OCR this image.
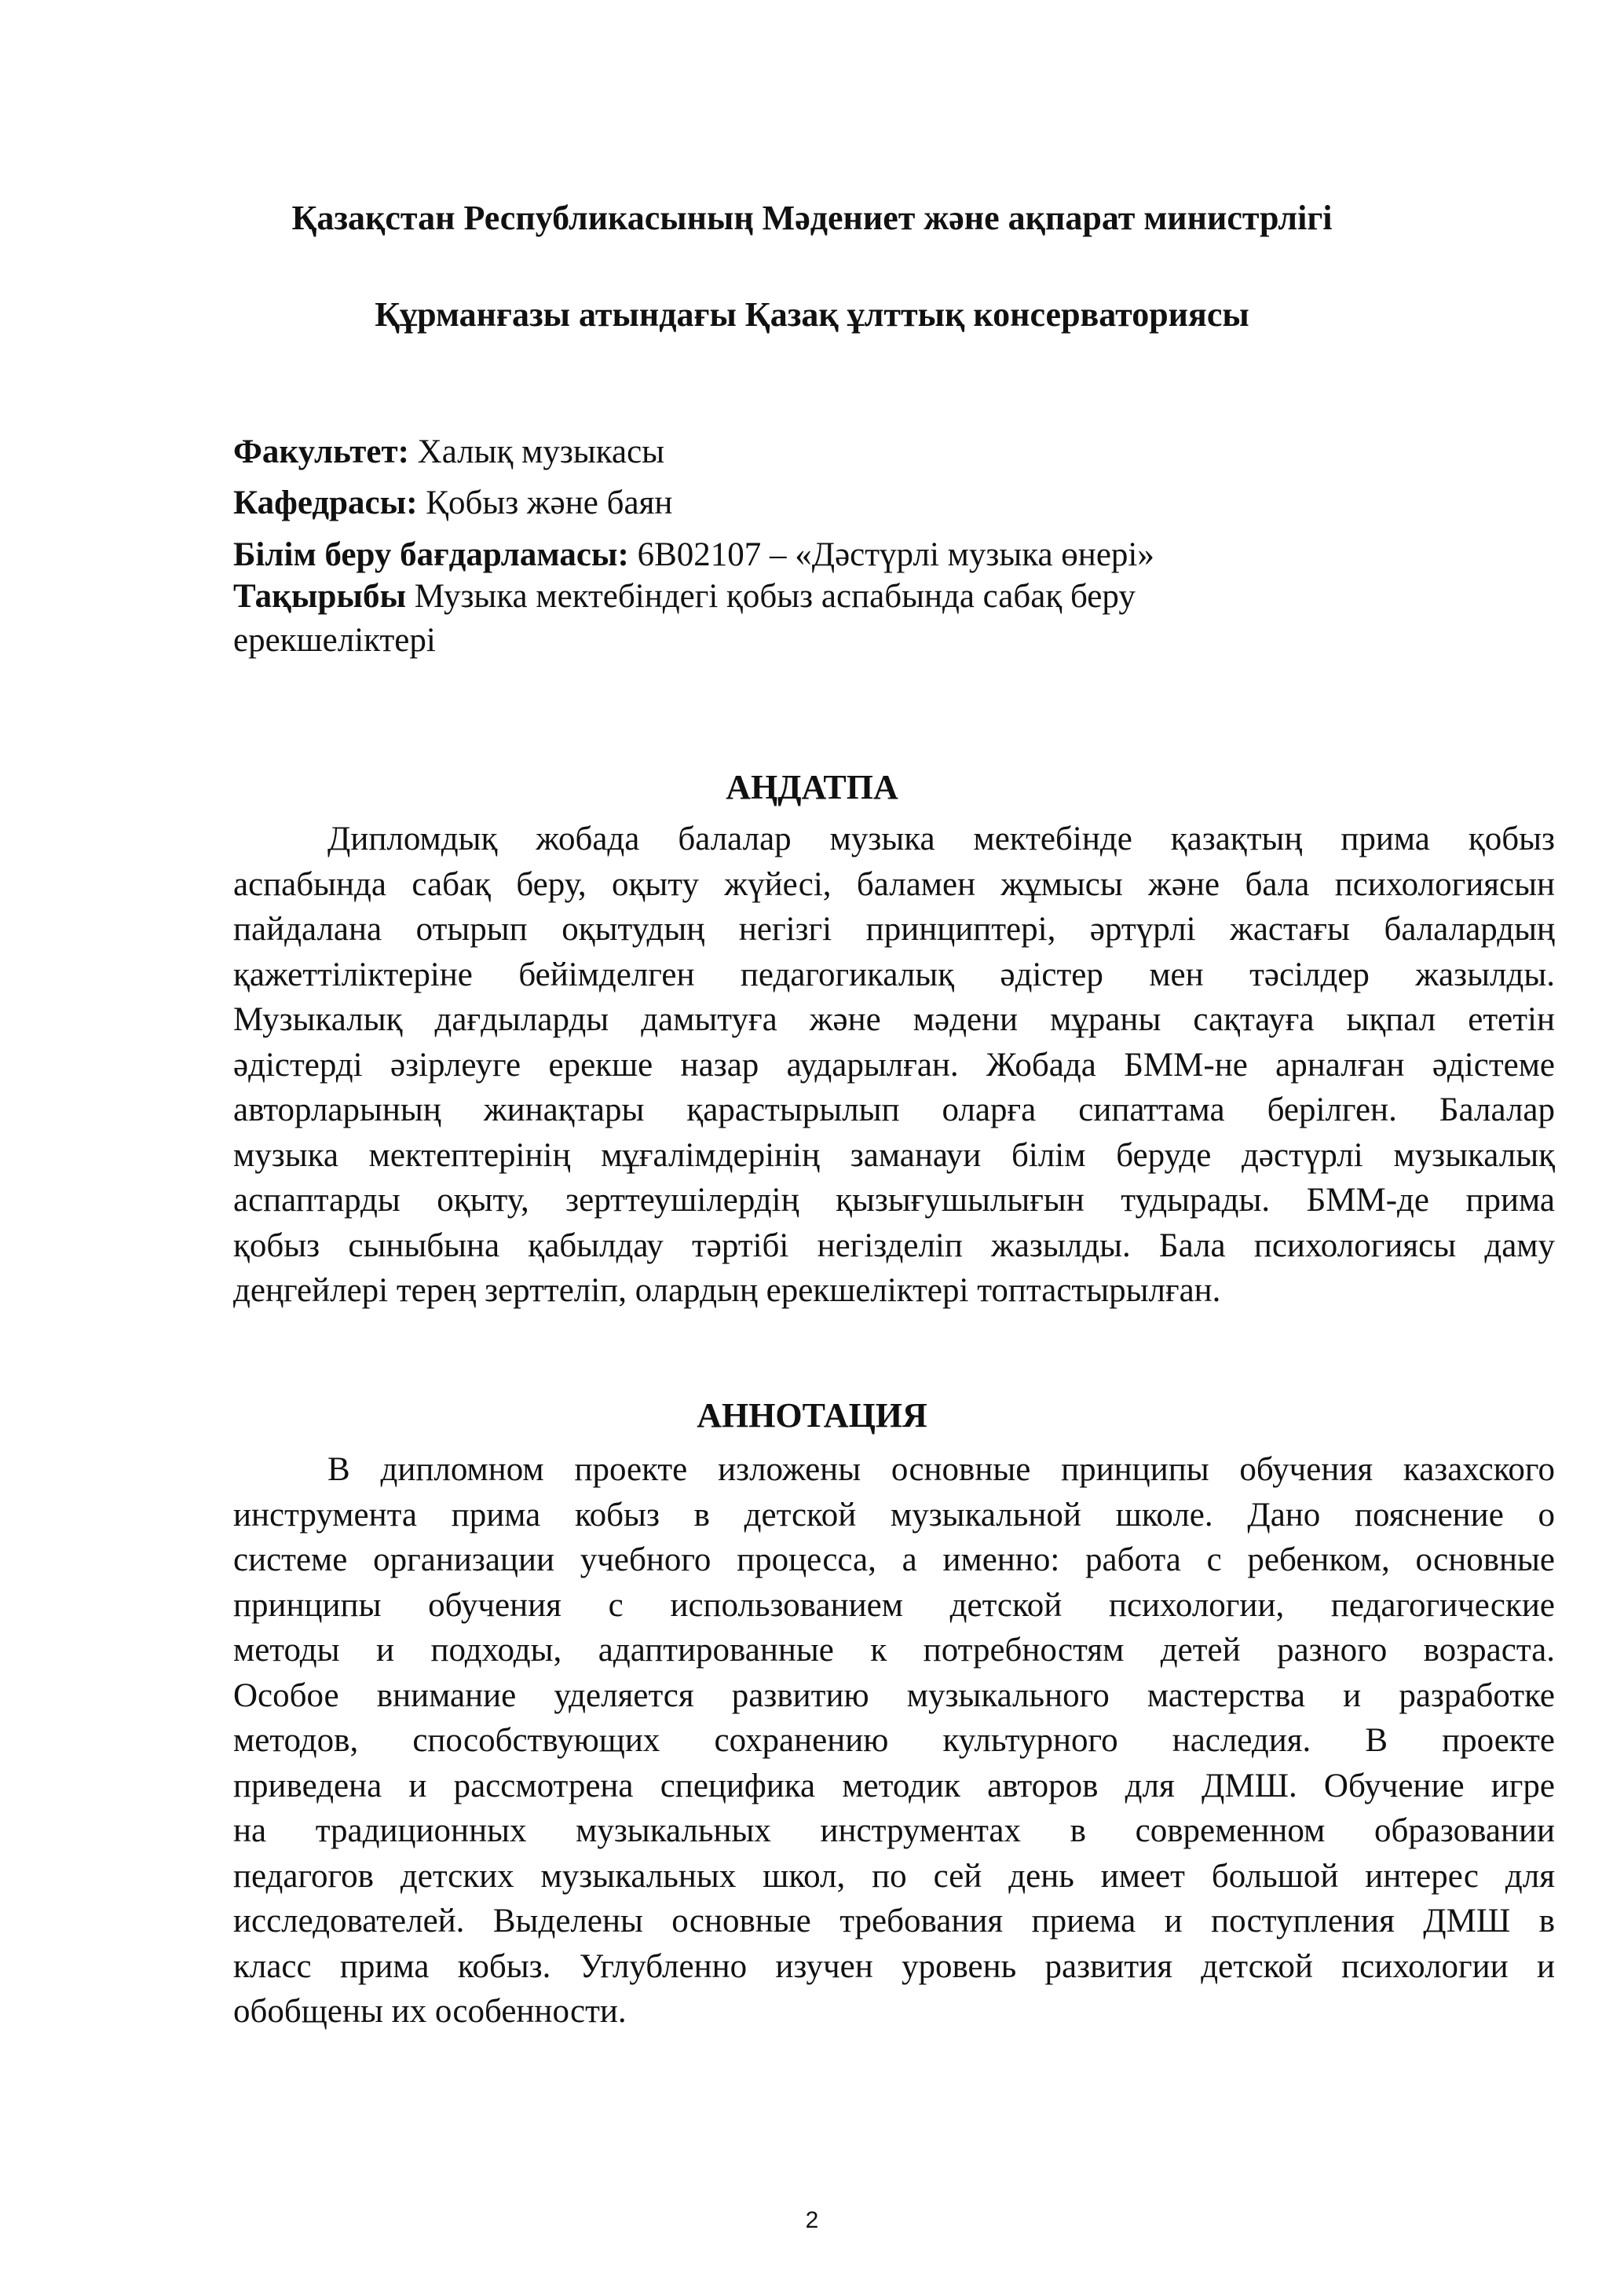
Қазақстан Республикасының Мәдениет және ақпарат министрлігі
Құрманғазы атындағы Қазақ ұлттық консерваториясы
Факультет: Халық музыкасы
Кафедрасы: Қобыз және баян
Білім беру бағдарламасы: 6В02107 – «Дәстүрлі музыка өнері»
Тақырыбы Музыка мектебіндегі қобыз аспабында сабақ беру
ерекшеліктері
АҢДАТПА
Дипломдық жобада балалар музыка мектебінде қазақтың прима қобыз
аспабында сабақ беру, оқыту жүйесі, баламен жұмысы және бала психологиясын
пайдалана отырып оқытудың негізгі принциптері, әртүрлі жастағы балалардың
қажеттіліктеріне бейімделген педагогикалық әдістер мен тәсілдер жазылды.
Музыкалық дағдыларды дамытуға және мәдени мұраны сақтауға ықпал ететін
әдістерді әзірлеуге ерекше назар аударылған. Жобада БММ-не арналған әдістеме
авторларының жинақтары қарастырылып оларға сипаттама берілген. Балалар
музыка мектептерінің мұғалімдерінің заманауи білім беруде дәстүрлі музыкалық
аспаптарды оқыту, зерттеушілердің қызығушылығын тудырады. БММ-де прима
қобыз сыныбына қабылдау тәртібі негізделіп жазылды. Бала психологиясы даму
деңгейлері терең зерттеліп, олардың ерекшеліктері топтастырылған.
АННОТАЦИЯ
В дипломном проекте изложены основные принципы обучения казахского
инструмента прима кобыз в детской музыкальной школе. Дано пояснение о
системе организации учебного процесса, а именно: работа с ребенком, основные
принципы обучения с использованием детской психологии, педагогические
методы и подходы, адаптированные к потребностям детей разного возраста.
Особое внимание уделяется развитию музыкального мастерства и разработке
методов, способствующих сохранению культурного наследия. В проекте
приведена и рассмотрена специфика методик авторов для ДМШ. Обучение игре
на традиционных музыкальных инструментах в современном образовании
педагогов детских музыкальных школ, по сей день имеет большой интерес для
исследователей. Выделены основные требования приема и поступления ДМШ в
класс прима кобыз. Углубленно изучен уровень развития детской психологии и
обобщены их особенности.
2
